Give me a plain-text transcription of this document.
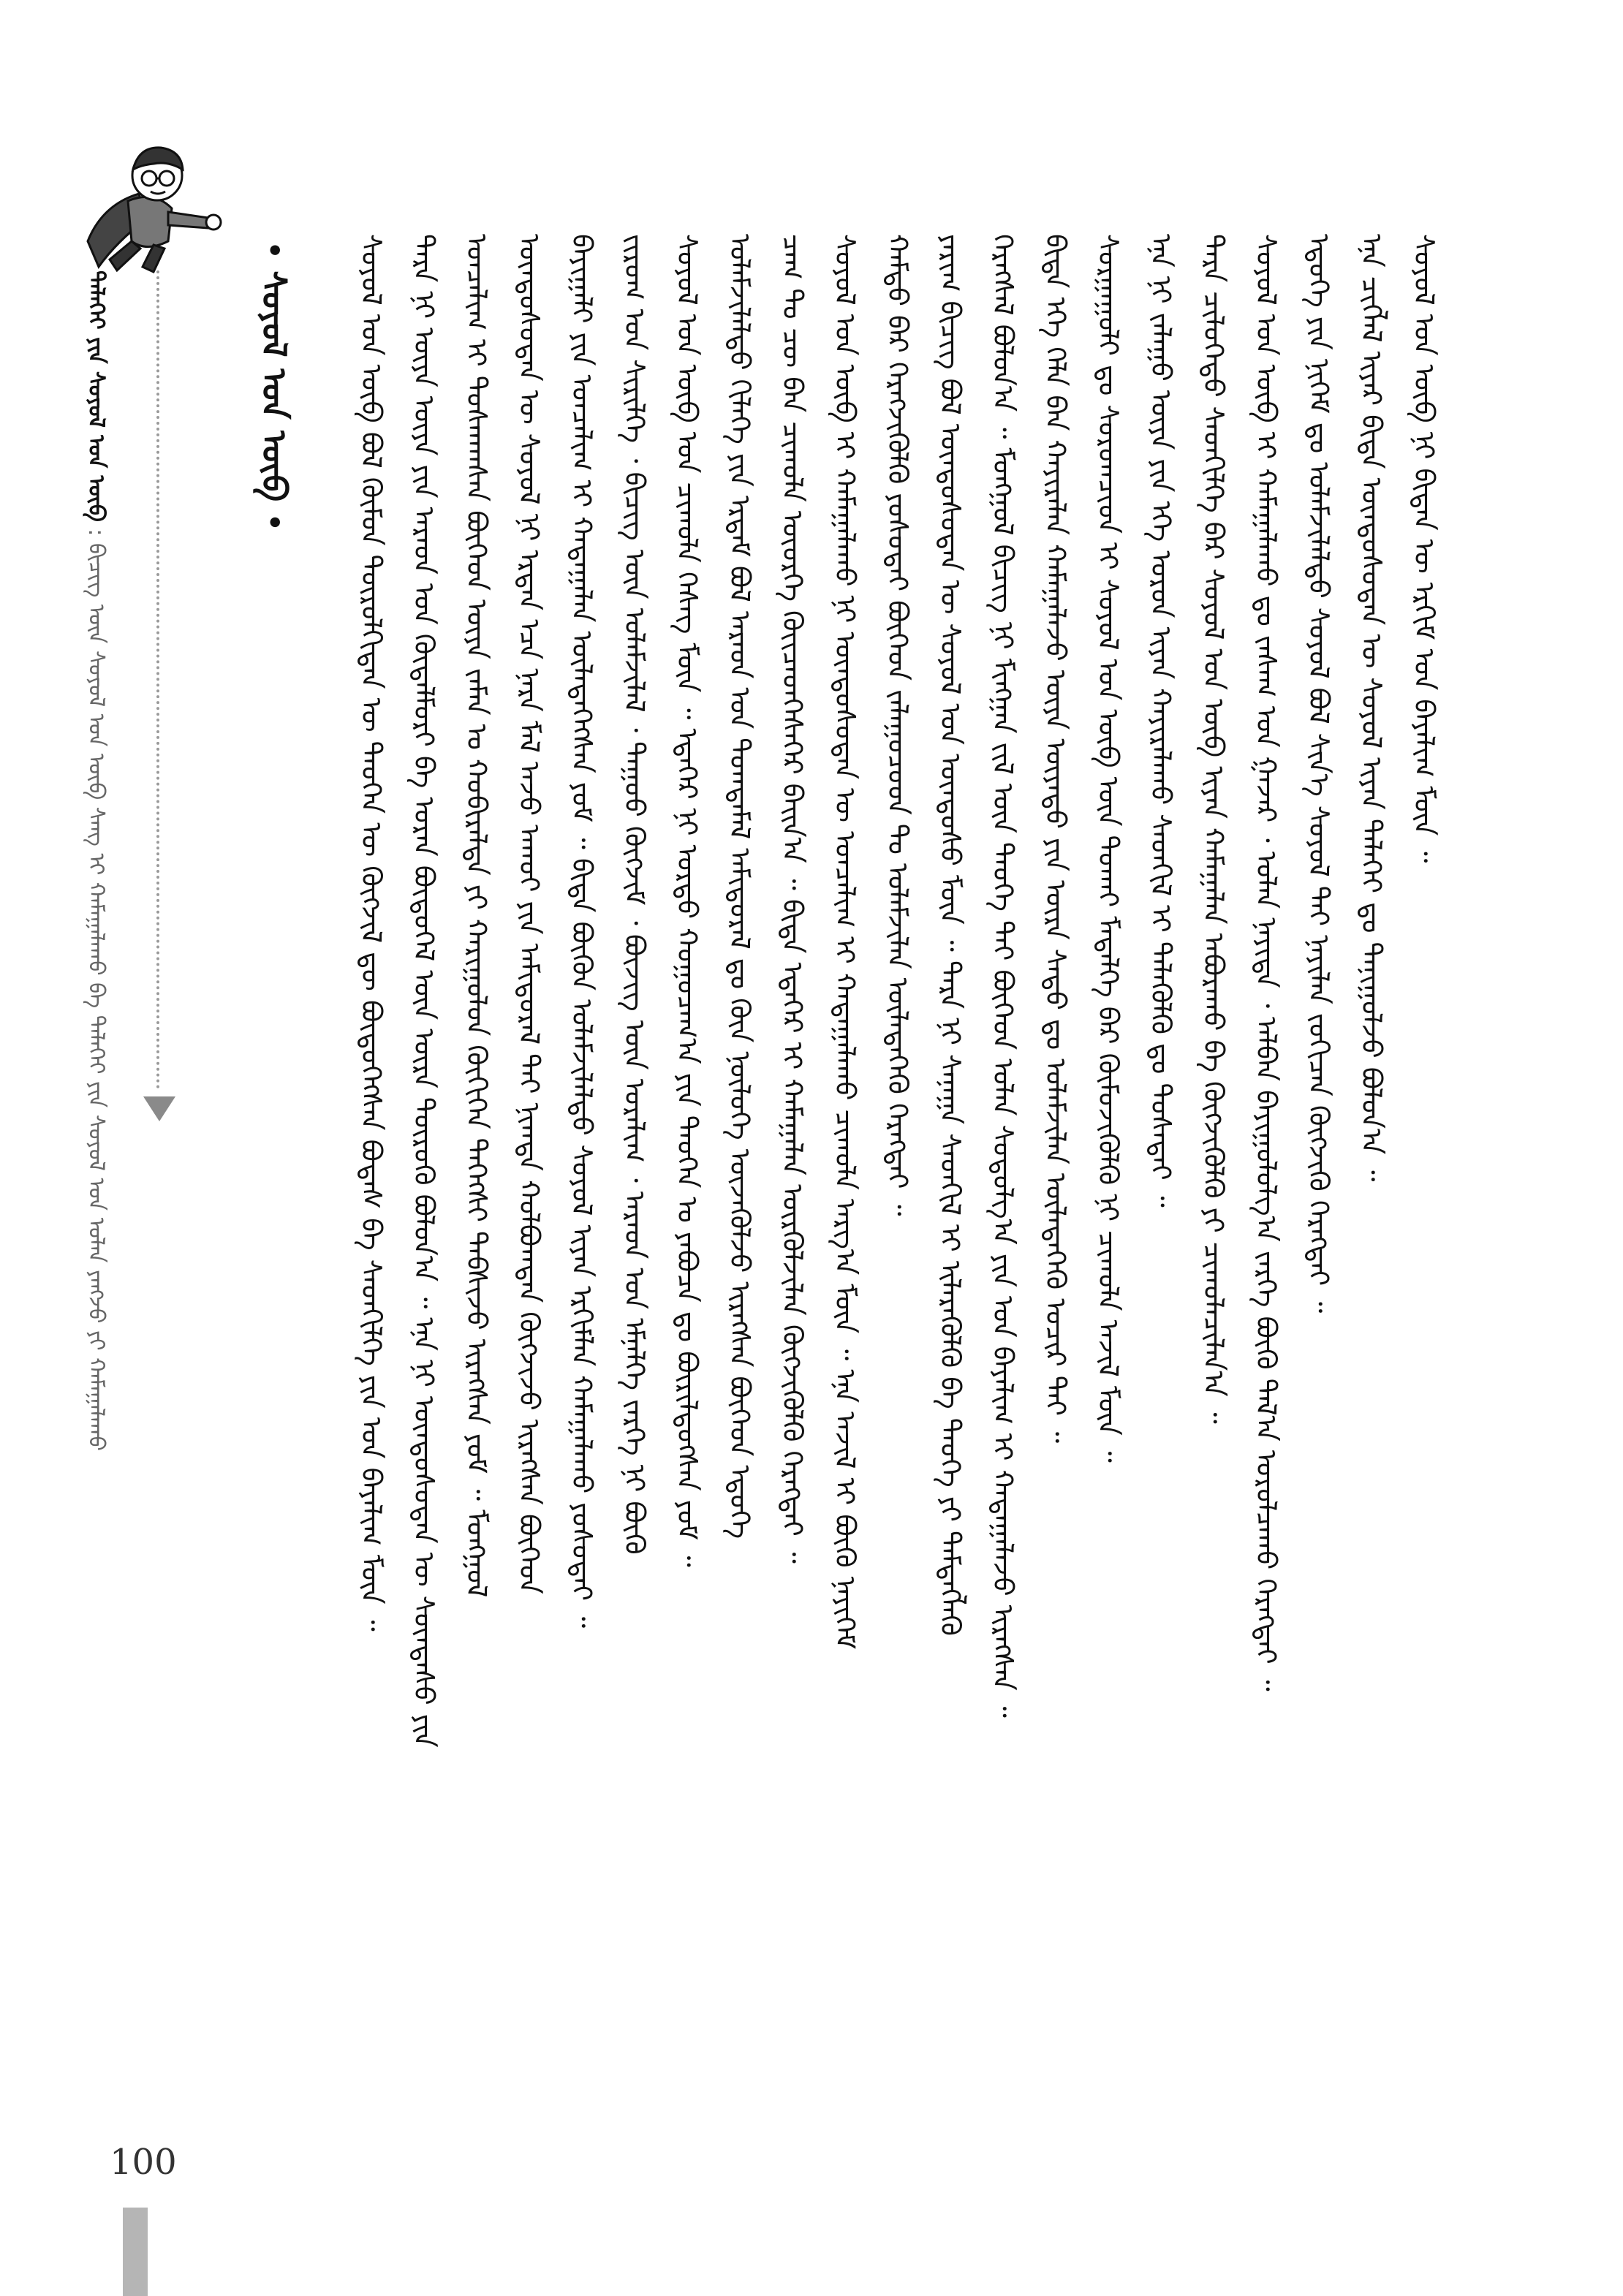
ᠳᠡᠯᠡᠬᠡᠢ ᠶᠢᠨ ᠰᠣᠶᠣᠯ ᠤᠨ ᠦᠪ : ᠪᠢᠴᠢᠭ᠌ ᠦᠨ ᠰᠣᠶᠣᠯ ᠤᠨ ᠥᠪ ᠰᠠᠩ ᠢ ᠬᠠᠮᠠᠭᠠᠯᠠᠬᠤ ᠪᠠ ᠳᠡᠯᠡᠬᠡᠢ ᠶᠢᠨ ᠰᠣᠶᠣᠯ ᠤᠨ ᠣᠯᠠᠨ ᠶᠠᠩᠵᠤ ᠶᠢ ᠬᠠᠮᠠᠭᠠᠯᠠᠬᠤ
• ᠰᠣᠶᠣᠯ ᠤᠨ ᠥᠪ •	ᠰᠣᠶᠣᠯ ᠤᠨ ᠥᠪ ᠪᠣᠯ ᠬᠦᠮᠦᠨ ᠲᠥᠷᠥᠯᠬᠢᠲᠡᠨ ᠦ ᠲᠡᠦᠬᠡᠨ ᠦ ᠬᠥᠭᠵᠢᠯ ᠳᠦ ᠪᠦᠲᠦᠭᠡᠭᠰᠡᠨ ᠪᠣᠳᠠᠰ ᠪᠠ ᠰᠡᠳᠬᠢᠯᠭᠡ ᠶᠢᠨ ᠡᠳ ᠪᠠᠶᠠᠯᠢᠭ ᠮᠥᠨ ᠃ ᠲᠡᠷᠡ ᠨᠢ ᠦᠶᠡ ᠦᠶᠡ ᠶᠢᠨ ᠠᠷᠠᠳ ᠤᠨ ᠬᠥᠳᠡᠯᠮᠦᠷᠢ ᠪᠠ ᠤᠷᠠᠨ ᠪᠦᠲᠦᠭᠡᠯ ᠦᠨ ᠦᠷᠡ ᠲᠦᠷᠦᠭᠦ ᠪᠣᠯᠤᠨ᠎ᠠ ᠃ ᠡᠨᠡ ᠨᠢ ᠦᠨᠳᠦᠰᠦᠲᠡᠨ ᠦ ᠰᠦᠨᠳᠡᠰᠦ ᠶᠢᠨ ᠣᠨᠴᠠᠯᠢᠭ ᠢ ᠲᠤᠰᠬᠠᠭᠰᠠᠨ ᠪᠥᠭᠡᠳ ᠦᠶᠡ ᠵᠠᠮᠠᠨ ᠤ ᠬᠤᠪᠢᠷᠠᠯᠲᠠ ᠶᠢ ᠬᠠᠷᠢᠭᠤᠯᠤᠨ ᠬᠥᠬᠢᠭᠡᠨ ᠳᠡᠭᠡᠭᠰᠢ ᠳᠠᠪᠰᠢᠵᠤ ᠢᠷᠡᠭᠰᠡᠨ ᠶᠤᠮ ᠃ ᠮᠣᠩᠭᠣᠯ ᠦᠨᠳᠦᠰᠦᠲᠡᠨ ᠦ ᠰᠣᠶᠣᠯ ᠨᠢ ᠡᠷᠲᠡᠨ ᠡᠴᠡ ᠨᠠᠷᠠ ᠮᠠᠯ ᠠᠵᠤ ᠠᠬᠤᠢ ᠶᠢᠨ ᠠᠮᠢᠳᠤᠷᠠᠯ ᠲᠠᠢ ᠨᠢᠭᠲᠠ ᠬᠣᠯᠪᠣᠭᠳᠠᠨ ᠬᠥᠭᠵᠢᠵᠦ ᠢᠷᠡᠭᠰᠡᠨ ᠪᠥᠭᠡᠳ ᠪᠠᠶᠢᠭᠠᠯᠢ ᠶᠢᠨ ᠣᠨᠴᠠᠯᠢᠭ ᠢ ᠬᠠᠳᠠᠭᠠᠯᠠᠨ ᠦᠯᠡᠳᠡᠭᠡᠭᠰᠡᠨ ᠶᠤᠮ ᠃ ᠪᠢᠳᠡ ᠪᠦᠬᠦᠨ ᠤᠯᠠᠮᠵᠢᠯᠠᠯᠳᠤ ᠰᠣᠶᠣᠯ ᠢᠶᠠᠨ ᠡᠷᠬᠢᠮᠯᠡᠨ ᠬᠠᠮᠠᠭᠠᠯᠠᠬᠤ ᠶᠣᠰᠣᠲᠠᠢ ᠃ ᠵᠢᠷᠤᠭ ᠤᠨ ᠰᠢᠷᠢᠯᠭᠡ ᠂ ᠪᠢᠴᠢᠭ᠌ ᠦᠨ ᠤᠯᠠᠮᠵᠢᠯᠠᠯ ᠂ ᠳᠠᠭᠤᠤ ᠬᠥᠭᠵᠢᠮ ᠂ ᠪᠦᠵᠢᠭ ᠦᠨ ᠤᠷᠠᠯᠢᠭ ᠂ ᠠᠷᠠᠳ ᠤᠨ ᠡᠮᠨᠡᠯᠭᠡ ᠵᠡᠷᠭᠡ ᠨᠢ ᠪᠦᠬᠦ ᠰᠣᠶᠣᠯ ᠤᠨ ᠥᠪ ᠤᠨ ᠴᠢᠬᠤᠯᠠ ᠬᠡᠰᠡᠭ ᠮᠥᠨ ᠃ ᠡᠳᠡᠭᠡᠷ ᠨᠢ ᠤᠷᠲᠤ ᠬᠤᠭᠤᠴᠠᠭ᠎ᠠ ᠶᠢᠨ ᠲᠡᠦᠬᠡᠨ ᠤ ᠶᠠᠪᠤᠴᠠ ᠳᠤ ᠪᠦᠷᠢᠯᠳᠦᠭᠰᠡᠨ ᠶᠤᠮ ᠃ ᠤᠯᠠᠮᠵᠢᠯᠠᠯᠳᠤ ᠬᠢᠯᠡᠭᠡ ᠶᠢᠨ ᠡᠷᠳᠡᠮ ᠪᠣᠯ ᠠᠷᠠᠳ ᠤᠨ ᠲᠣᠭᠲᠠᠮᠠᠯ ᠠᠮᠢᠳᠤᠷᠠᠯ ᠳᠤ ᠭᠦᠨ ᠨᠥᠯᠦᠭᠡ ᠦᠵᠡᠭᠦᠯᠵᠦ ᠢᠷᠡᠭᠰᠡᠨ ᠪᠥᠭᠡᠳ ᠡᠳᠦᠭᠡ ᠴᠠᠭ ᠲᠤ ᠴᠦ ᠪᠠᠨ ᠴᠢᠬᠤᠯᠠ ᠦᠦᠷᠭᠡ ᠭᠦᠢᠴᠡᠳᠭᠡᠰᠡᠭᠡᠷ ᠪᠠᠢᠨ᠎ᠠ ᠃ ᠪᠢᠳᠡ ᠡᠳᠡᠭᠡᠷ ᠢ ᠬᠠᠮᠠᠭᠠᠯᠠᠨ ᠦᠷᠭᠦᠯᠵᠢᠯᠡᠨ ᠬᠥᠭᠵᠢᠭᠦᠯᠬᠦ ᠬᠡᠷᠡᠭᠲᠡᠢ ᠃ ᠰᠣᠶᠣᠯ ᠤᠨ ᠥᠪ ᠢ ᠬᠠᠮᠠᠭᠠᠯᠠᠬᠤ ᠨᠢ ᠦᠨᠳᠦᠰᠦᠲᠡᠨ ᠦ ᠣᠨᠴᠠᠯᠢᠭ ᠢ ᠬᠠᠳᠠᠭᠠᠯᠠᠬᠤ ᠴᠢᠬᠤᠯᠠ ᠠᠷᠭ᠎ᠠ ᠮᠥᠨ ᠃ ᠡᠨᠡ ᠠᠵᠢᠯ ᠢ ᠪᠦᠬᠦ ᠨᠡᠶᠢᠭᠡᠮ ᠬᠠᠮᠲᠤ ᠪᠡᠷ ᠬᠡᠷᠡᠭᠵᠢᠭᠦᠯᠬᠦ ᠶᠣᠰᠣᠲᠠᠢ ᠪᠥᠭᠡᠳ ᠵᠠᠯᠠᠭᠤᠴᠤᠳ ᠲᠤ ᠤᠯᠠᠮᠵᠢᠯᠠᠨ ᠦᠯᠡᠳᠡᠭᠡᠬᠦ ᠬᠡᠷᠡᠭᠲᠡᠢ ᠃ ᠶᠠᠷᠢᠭ ᠪᠢᠴᠢᠭ᠌ ᠪᠣᠯ ᠦᠨᠳᠦᠰᠦᠲᠡᠨ ᠦ ᠰᠣᠶᠣᠯ ᠤᠨ ᠦᠨᠳᠦᠰᠦ ᠮᠥᠨ ᠃ ᠲᠡᠷᠡ ᠨᠢ ᠰᠠᠨᠠᠭᠠ ᠰᠡᠳᠬᠢᠯ ᠢ ᠢᠯᠡᠷᠡᠭᠦᠯᠬᠦ ᠪᠠ ᠲᠡᠦᠬᠡ ᠶᠢ ᠲᠡᠮᠳᠡᠭᠯᠡᠬᠦ ᠬᠡᠷᠡᠭᠰᠡᠯ ᠪᠣᠯᠣᠨ᠎ᠠ ᠃ ᠮᠣᠩᠭᠣᠯ ᠪᠢᠴᠢᠭ᠌ ᠨᠢ ᠮᠢᠩᠭᠠᠨ ᠵᠢᠯ ᠦᠨ ᠲᠡᠦᠬᠡ ᠲᠠᠢ ᠪᠥᠭᠡᠳ ᠣᠯᠠᠨ ᠰᠣᠳᠣᠯᠭ᠎ᠠ ᠶᠢᠨ ᠡᠳ ᠪᠠᠶᠠᠯᠢᠭ ᠢ ᠬᠠᠳᠠᠭᠠᠯᠠᠵᠤ ᠢᠷᠡᠭᠰᠡᠨ ᠃ ᠪᠢᠳᠡ ᠡᠬᠡ ᠬᠡᠯᠡ ᠪᠡᠨ ᠬᠠᠶᠢᠷᠠᠯᠠᠨ ᠬᠠᠮᠠᠭᠠᠯᠠᠵᠤ ᠦᠶᠡ ᠦᠶᠡᠳᠦ ᠶᠢᠨ ᠦᠷᠡ ᠰᠠᠳᠤ ᠳᠤ ᠤᠯᠠᠮᠵᠢᠯᠠᠨ ᠦᠯᠡᠳᠡᠭᠡᠬᠦ ᠤᠴᠢᠷ ᠲᠠᠢ ᠃ ᠰᠤᠷᠭᠠᠭᠤᠯᠢ ᠳᠤ ᠰᠤᠷᠤᠭᠴᠢᠳ ᠢ ᠰᠣᠶᠣᠯ ᠤᠨ ᠥᠪ ᠦᠨ ᠲᠤᠬᠠᠢ ᠮᠡᠳᠡᠯᠭᠡ ᠪᠡᠷ ᠬᠦᠮᠦᠵᠢᠭᠦᠯᠬᠦ ᠨᠢ ᠴᠢᠬᠤᠯᠠ ᠠᠵᠢᠯ ᠮᠥᠨ ᠃ ᠡᠨᠡ ᠨᠢ ᠵᠠᠯᠠᠭᠤ ᠦᠶᠡ ᠶᠢᠨ ᠡᠬᠡ ᠣᠷᠣᠨ ᠢᠶᠠᠨ ᠬᠠᠶᠢᠷᠠᠯᠠᠬᠤ ᠰᠡᠳᠬᠢᠯ ᠢ ᠲᠡᠯᠡᠭᠦᠯᠬᠦ ᠳᠤ ᠲᠤᠰᠠᠲᠠᠢ ᠃ ᠲᠡᠷᠡ ᠴᠢᠯᠦᠭᠡᠲᠦ ᠰᠡᠳᠬᠢᠯᠭᠡ ᠪᠡᠷ ᠰᠣᠶᠣᠯ ᠤᠨ ᠥᠪ ᠢᠶᠡᠨ ᠬᠠᠮᠠᠭᠠᠯᠠᠨ ᠠᠪᠤᠷᠠᠬᠤ ᠪᠠ ᠬᠥᠭᠵᠢᠭᠦᠯᠬᠦ ᠶᠢ ᠴᠢᠬᠤᠯᠠᠴᠢᠯᠠᠨ᠎ᠠ ᠃ ᠰᠣᠶᠣᠯ ᠤᠨ ᠥᠪ ᠢ ᠬᠠᠮᠠᠭᠠᠯᠠᠬᠤ ᠳᠤ ᠵᠠᠰᠠᠭ ᠤᠨ ᠭᠠᠵᠠᠷ ᠂ ᠣᠯᠠᠨ ᠨᠡᠶᠢᠲᠡ ᠂ ᠠᠯᠪᠠᠨ ᠪᠠᠶᠢᠭᠤᠯᠤᠯᠭ᠎ᠠ ᠵᠡᠷᠭᠡ ᠪᠦᠬᠦ ᠲᠠᠯ᠎ᠠ ᠣᠷᠣᠯᠴᠠᠬᠤ ᠬᠡᠷᠡᠭᠲᠡᠢ ᠃ ᠡᠳᠦᠭᠡ ᠶᠢᠨ ᠨᠢᠭᠡᠮ ᠳᠤ ᠤᠯᠠᠮᠵᠢᠯᠠᠯᠳᠤ ᠰᠣᠶᠣᠯ ᠪᠣᠯ ᠰᠢᠨ᠎ᠡ ᠰᠣᠶᠣᠯ ᠲᠠᠢ ᠨᠡᠶᠢᠯᠡᠨ ᠵᠣᠬᠢᠴᠠᠨ ᠬᠥᠭᠵᠢᠬᠦ ᠬᠡᠷᠡᠭᠲᠡᠢ ᠃ ᠡᠨᠡ ᠴᠢᠭᠯᠡᠯ ᠢᠶᠡᠷ ᠪᠢᠳᠡ ᠦᠨᠳᠦᠰᠦᠲᠡᠨ ᠦ ᠰᠣᠶᠣᠯ ᠢᠶᠠᠨ ᠳᠡᠯᠡᠬᠡᠢ ᠳᠤ ᠲᠠᠨᠢᠭᠤᠯᠵᠤ ᠪᠣᠯᠣᠨ᠎ᠠ ᠃ ᠰᠣᠶᠣᠯ ᠤᠨ ᠥᠪ ᠨᠢ ᠪᠢᠳᠡᠨ ᠦ ᠡᠷᠬᠢᠮ ᠡᠳ ᠪᠠᠶᠠᠯᠢᠭ ᠮᠥᠨ ᠃
100
